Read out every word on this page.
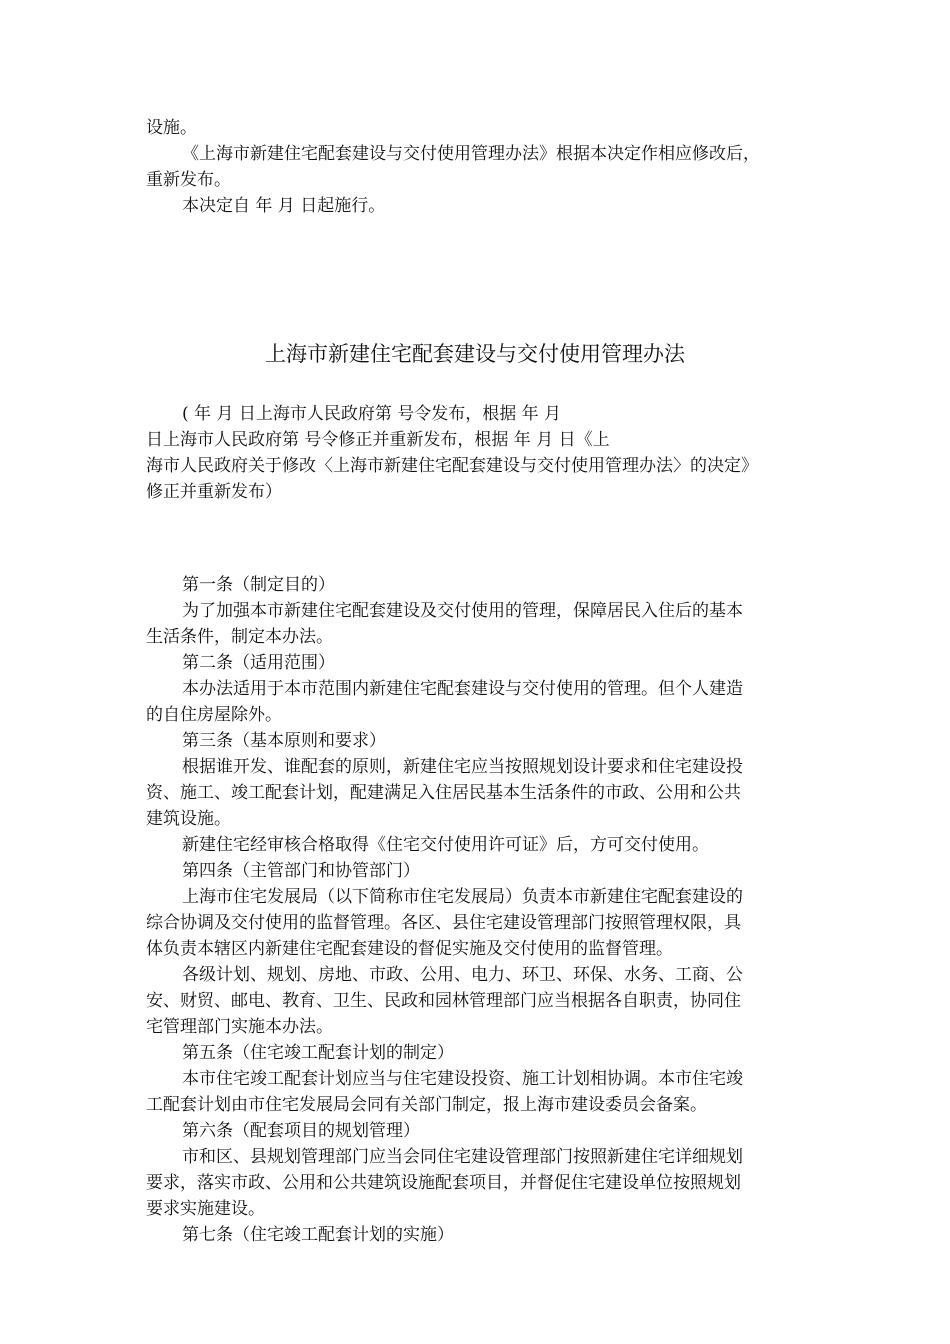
设施。
《上海市新建住宅配套建设与交付使用管理办法》根据本决定作相应修改后，
重新发布。
本决定自 年 月 日起施行。
上海市新建住宅配套建设与交付使用管理办法
( 年 月 日上海市人民政府第 号令发布，根据 年 月
日上海市人民政府第 号令修正并重新发布，根据 年 月 日《上
海市人民政府关于修改〈上海市新建住宅配套建设与交付使用管理办法〉的决定》
修正并重新发布）
第一条（制定目的）
为了加强本市新建住宅配套建设及交付使用的管理，保障居民入住后的基本
生活条件，制定本办法。
第二条（适用范围）
本办法适用于本市范围内新建住宅配套建设与交付使用的管理。但个人建造
的自住房屋除外。
第三条（基本原则和要求）
根据谁开发、谁配套的原则，新建住宅应当按照规划设计要求和住宅建设投
资、施工、竣工配套计划，配建满足入住居民基本生活条件的市政、公用和公共
建筑设施。
新建住宅经审核合格取得《住宅交付使用许可证》后，方可交付使用。
第四条（主管部门和协管部门）
上海市住宅发展局（以下简称市住宅发展局）负责本市新建住宅配套建设的
综合协调及交付使用的监督管理。各区、县住宅建设管理部门按照管理权限，具
体负责本辖区内新建住宅配套建设的督促实施及交付使用的监督管理。
各级计划、规划、房地、市政、公用、电力、环卫、环保、水务、工商、公
安、财贸、邮电、教育、卫生、民政和园林管理部门应当根据各自职责，协同住
宅管理部门实施本办法。
第五条（住宅竣工配套计划的制定）
本市住宅竣工配套计划应当与住宅建设投资、施工计划相协调。本市住宅竣
工配套计划由市住宅发展局会同有关部门制定，报上海市建设委员会备案。
第六条（配套项目的规划管理）
市和区、县规划管理部门应当会同住宅建设管理部门按照新建住宅详细规划
要求，落实市政、公用和公共建筑设施配套项目，并督促住宅建设单位按照规划
要求实施建设。
第七条（住宅竣工配套计划的实施）
